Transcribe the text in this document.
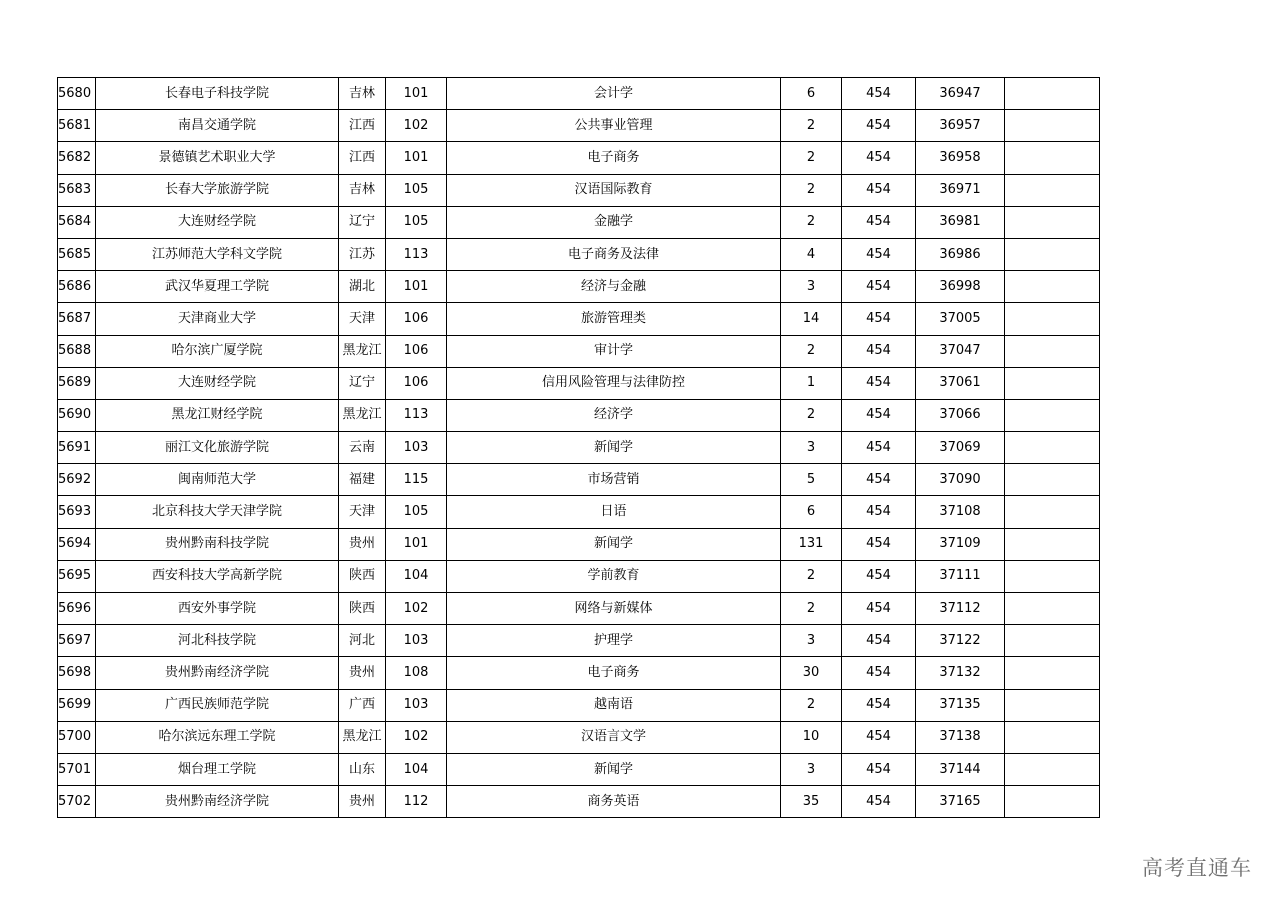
5680	长春电子科技学院	吉林	101	会计学	6	454	36947	
5681	南昌交通学院	江西	102	公共事业管理	2	454	36957	
5682	景德镇艺术职业大学	江西	101	电子商务	2	454	36958	
5683	长春大学旅游学院	吉林	105	汉语国际教育	2	454	36971	
5684	大连财经学院	辽宁	105	金融学	2	454	36981	
5685	江苏师范大学科文学院	江苏	113	电子商务及法律	4	454	36986	
5686	武汉华夏理工学院	湖北	101	经济与金融	3	454	36998	
5687	天津商业大学	天津	106	旅游管理类	14	454	37005	
5688	哈尔滨广厦学院	黑龙江	106	审计学	2	454	37047	
5689	大连财经学院	辽宁	106	信用风险管理与法律防控	1	454	37061	
5690	黑龙江财经学院	黑龙江	113	经济学	2	454	37066	
5691	丽江文化旅游学院	云南	103	新闻学	3	454	37069	
5692	闽南师范大学	福建	115	市场营销	5	454	37090	
5693	北京科技大学天津学院	天津	105	日语	6	454	37108	
5694	贵州黔南科技学院	贵州	101	新闻学	131	454	37109	
5695	西安科技大学高新学院	陕西	104	学前教育	2	454	37111	
5696	西安外事学院	陕西	102	网络与新媒体	2	454	37112	
5697	河北科技学院	河北	103	护理学	3	454	37122	
5698	贵州黔南经济学院	贵州	108	电子商务	30	454	37132	
5699	广西民族师范学院	广西	103	越南语	2	454	37135	
5700	哈尔滨远东理工学院	黑龙江	102	汉语言文学	10	454	37138	
5701	烟台理工学院	山东	104	新闻学	3	454	37144	
5702	贵州黔南经济学院	贵州	112	商务英语	35	454	37165	
高考直通车
